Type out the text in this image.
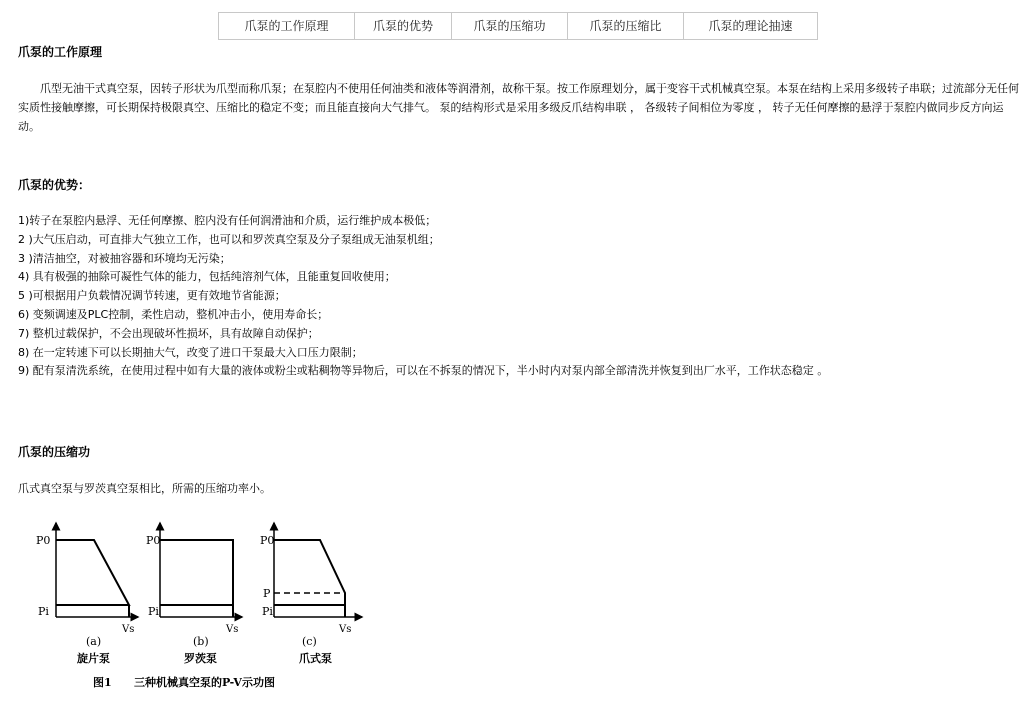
爪泵的工作原理	爪泵的优势	爪泵的压缩功	爪泵的压缩比	爪泵的理论抽速
爪泵的工作原理
爪型无油干式真空泵，因转子形状为爪型而称爪泵；在泵腔内不使用任何油类和液体等润滑剂，故称干泵。按工作原理划分，属于变容干式机械真空泵。本泵在结构上采用多级转子串联；过流部分无任何实质性接触摩擦，可长期保持极限真空、压缩比的稳定不变；而且能直接向大气排气。 泵的结构形式是采用多级反爪结构串联 ， 各级转子间相位为零度 ， 转子无任何摩擦的悬浮于泵腔内做同步反方向运动。
爪泵的优势：
1)转子在泵腔内悬浮、无任何摩擦、腔内没有任何润滑油和介质，运行维护成本极低；
2 )大气压启动，可直排大气独立工作，也可以和罗茨真空泵及分子泵组成无油泵机组；
3 )清洁抽空，对被抽容器和环境均无污染；
4) 具有极强的抽除可凝性气体的能力，包括纯溶剂气体，且能重复回收使用；
5 )可根据用户负载情况调节转速，更有效地节省能源；
6) 变频调速及PLC控制，柔性启动，整机冲击小，使用寿命长；
7) 整机过载保护，不会出现破坏性损坏，具有故障自动保护；
8) 在一定转速下可以长期抽大气，改变了进口干泵最大入口压力限制；
9) 配有泵清洗系统，在使用过程中如有大量的液体或粉尘或粘稠物等异物后，可以在不拆泵的情况下，半小时内对泵内部全部清洗并恢复到出厂水平，工作状态稳定 。
爪泵的压缩功
爪式真空泵与罗茨真空泵相比，所需的压缩功率小。
P0
Pi
Vs
(a)
旋片泵
P0
Pi
Vs
(b)
罗茨泵
P0
P
Pi
Vs
(c)
爪式泵
图1 三种机械真空泵的P-V示功图
